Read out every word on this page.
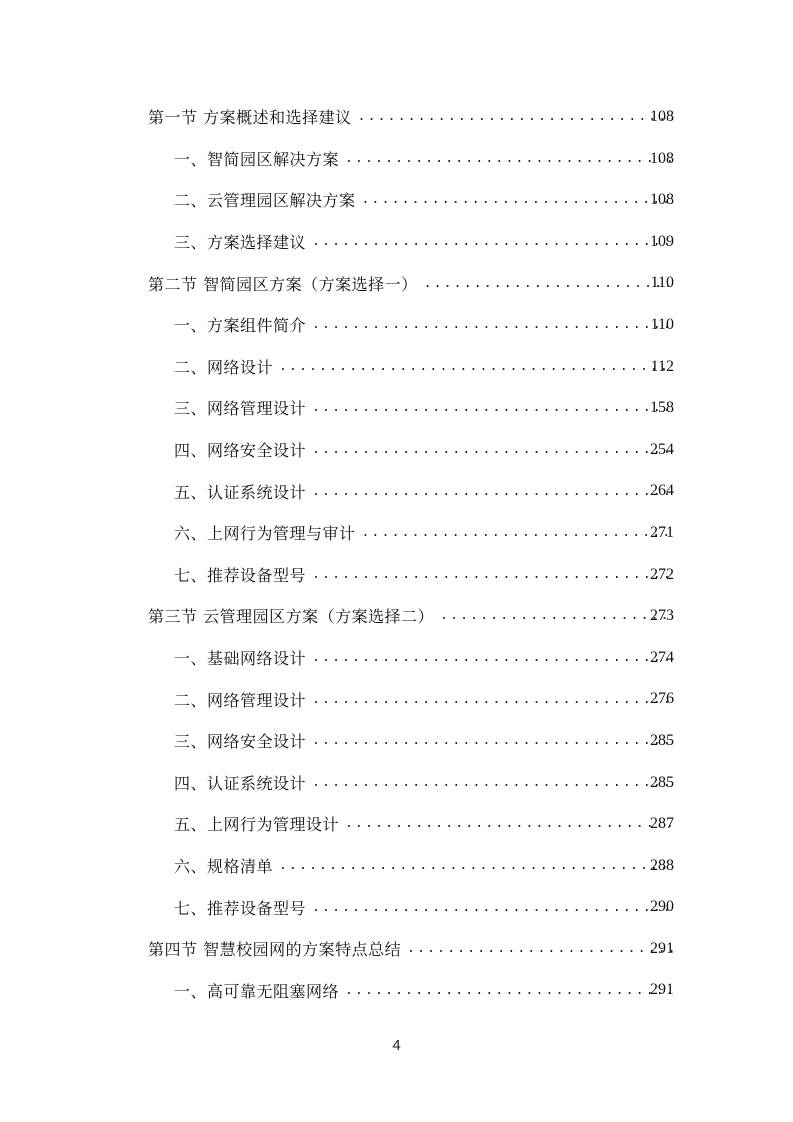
第一节 方案概述和选择建议 .....	108
一、智简园区解决方案 .....	108
二、云管理园区解决方案 .....	108
三、方案选择建议 .....	109
第二节 智简园区方案（方案选择一） .....	110
一、方案组件简介 .....	110
二、网络设计 .....	112
三、网络管理设计 .....	158
四、网络安全设计 .....	254
五、认证系统设计 .....	264
六、上网行为管理与审计 .....	271
七、推荐设备型号 .....	272
第三节 云管理园区方案（方案选择二） .....	273
一、基础网络设计 .....	274
二、网络管理设计 .....	276
三、网络安全设计 .....	285
四、认证系统设计 .....	285
五、上网行为管理设计 .....	287
六、规格清单 .....	288
七、推荐设备型号 .....	290
第四节 智慧校园网的方案特点总结 .....	291
一、高可靠无阻塞网络 .....	291
4
